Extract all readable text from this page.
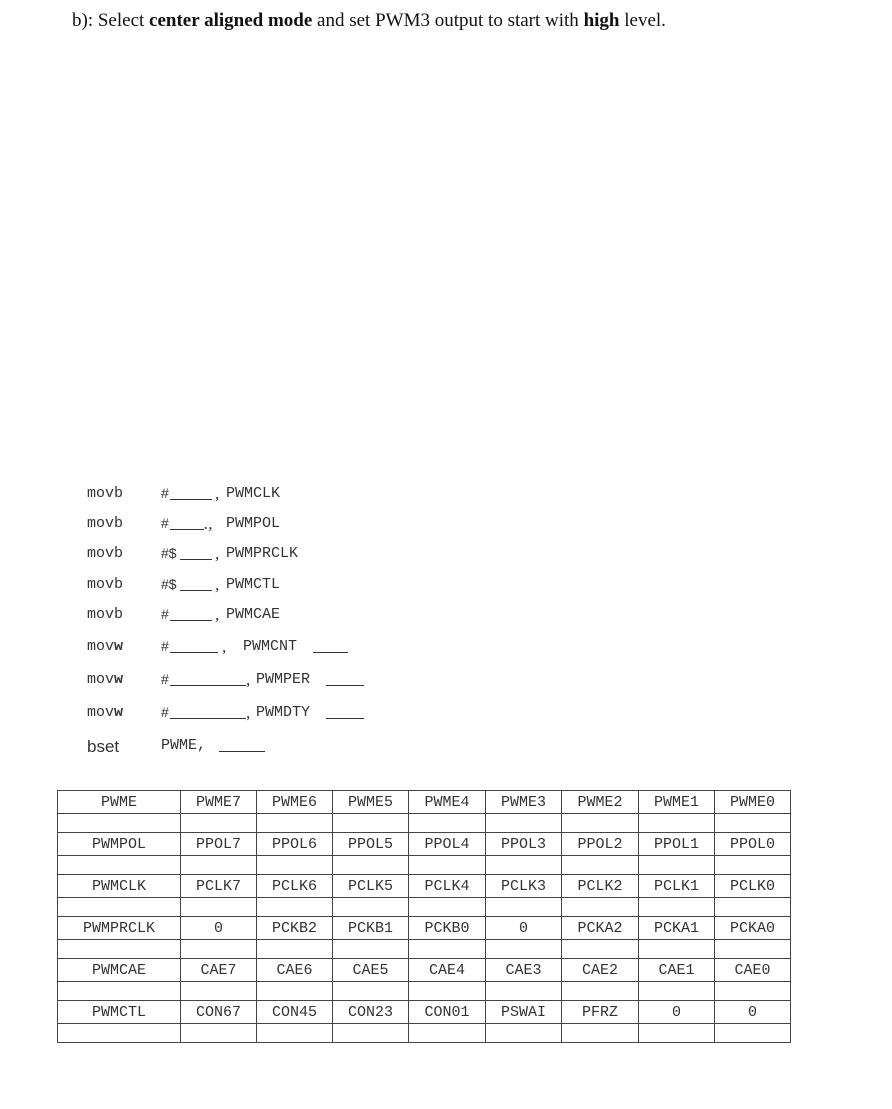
b): Select center aligned mode and set PWM3 output to start with high level.
movb	#	, PWMCLK
movb	# ., PWMPOL
movb	#$ , PWMPRCLK
movb	#$ , PWMCTL
movb	#	, PWMCAE
movw	#	, PWMCNT
movw	#	, PWMPER
movw	#	, PWMDTY
bset	PWME,
PWME	PWME7	PWME6	PWME5	PWME4	PWME3	PWME2	PWME1	PWME0

PWMPOL	PPOL7	PPOL6	PPOL5	PPOL4	PPOL3	PPOL2	PPOL1	PPOL0

PWMCLK	PCLK7	PCLK6	PCLK5	PCLK4	PCLK3	PCLK2	PCLK1	PCLK0

PWMPRCLK	0	PCKB2	PCKB1	PCKB0	0	PCKA2	PCKA1	PCKA0

PWMCAE	CAE7	CAE6	CAE5	CAE4	CAE3	CAE2	CAE1	CAE0

PWMCTL	CON67	CON45	CON23	CON01	PSWAI	PFRZ	0	0
